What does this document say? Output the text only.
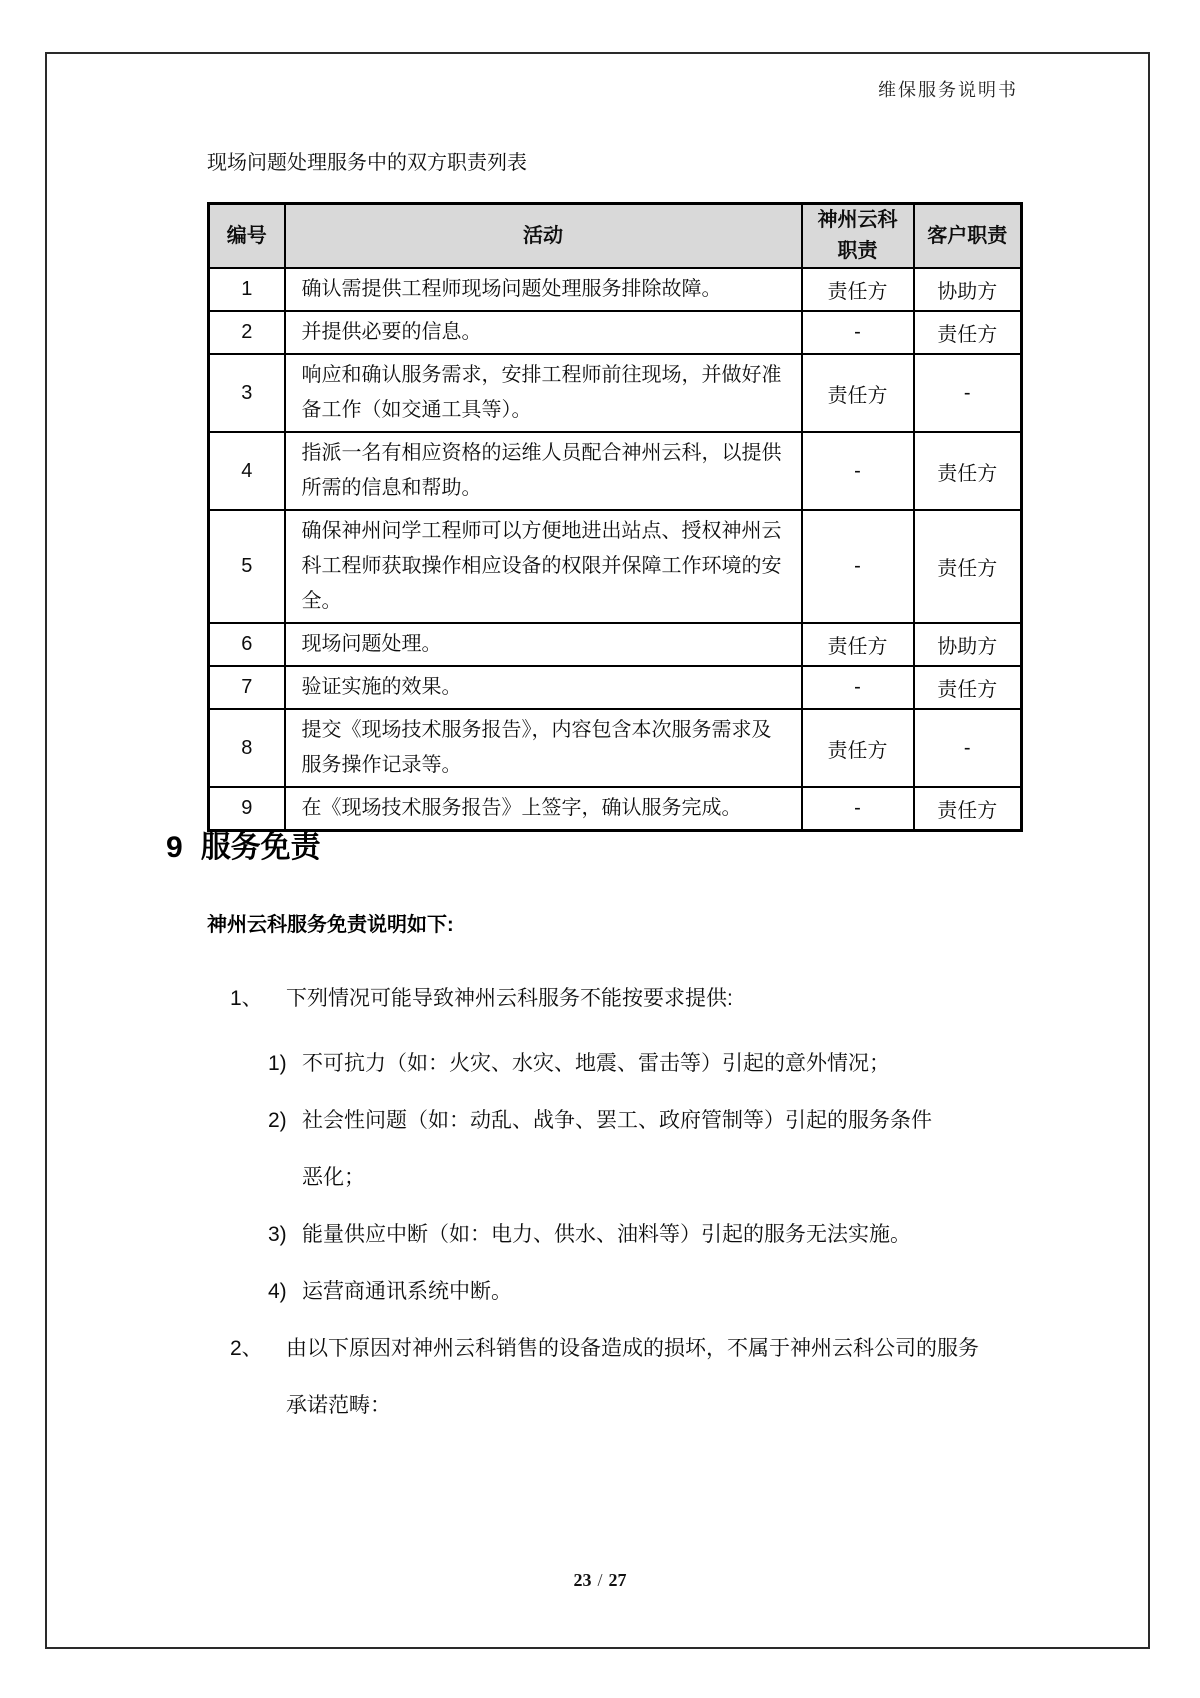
维保服务说明书
现场问题处理服务中的双方职责列表
编号	活动	神州云科职责	客户职责
1	确认需提供工程师现场问题处理服务排除故障。	责任方	协助方
2	并提供必要的信息。	-	责任方
3	响应和确认服务需求，安排工程师前往现场，并做好准备工作（如交通工具等）。	责任方	-
4	指派一名有相应资格的运维人员配合神州云科，以提供所需的信息和帮助。	-	责任方
5	确保神州问学工程师可以方便地进出站点、授权神州云科工程师获取操作相应设备的权限并保障工作环境的安全。	-	责任方
6	现场问题处理。	责任方	协助方
7	验证实施的效果。	-	责任方
8	提交《现场技术服务报告》，内容包含本次服务需求及服务操作记录等。	责任方	-
9	在《现场技术服务报告》上签字，确认服务完成。	-	责任方
9 服务免责
神州云科服务免责说明如下:
1、	下列情况可能导致神州云科服务不能按要求提供:
1) 不可抗力（如：火灾、水灾、地震、雷击等）引起的意外情况；
2) 社会性问题（如：动乱、战争、罢工、政府管制等）引起的服务条件恶化；
3) 能量供应中断（如：电力、供水、油料等）引起的服务无法实施。
4) 运营商通讯系统中断。
2、	由以下原因对神州云科销售的设备造成的损坏，不属于神州云科公司的服务承诺范畴：
23 / 27
